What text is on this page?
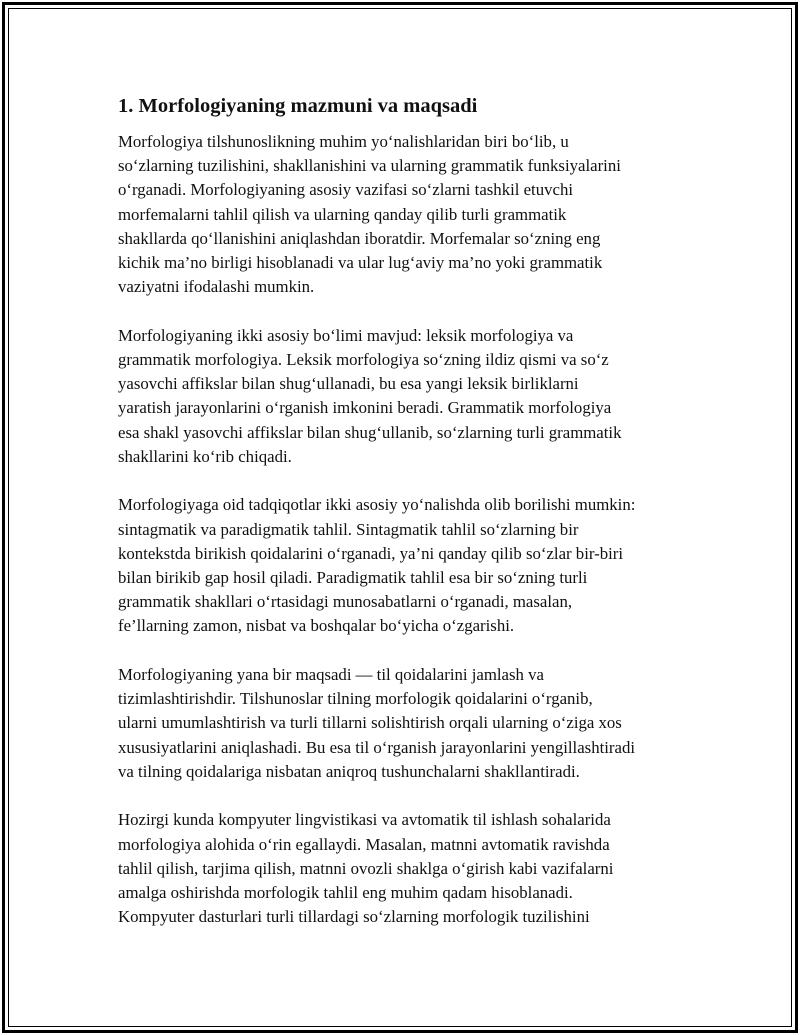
1. Morfologiyaning mazmuni va maqsadi

Morfologiya tilshunoslikning muhim yo‘nalishlaridan biri bo‘lib, u
so‘zlarning tuzilishini, shakllanishini va ularning grammatik funksiyalarini
o‘rganadi. Morfologiyaning asosiy vazifasi so‘zlarni tashkil etuvchi
morfemalarni tahlil qilish va ularning qanday qilib turli grammatik
shakllarda qo‘llanishini aniqlashdan iboratdir. Morfemalar so‘zning eng
kichik ma’no birligi hisoblanadi va ular lug‘aviy ma’no yoki grammatik
vaziyatni ifodalashi mumkin.

Morfologiyaning ikki asosiy bo‘limi mavjud: leksik morfologiya va
grammatik morfologiya. Leksik morfologiya so‘zning ildiz qismi va so‘z
yasovchi affikslar bilan shug‘ullanadi, bu esa yangi leksik birliklarni
yaratish jarayonlarini o‘rganish imkonini beradi. Grammatik morfologiya
esa shakl yasovchi affikslar bilan shug‘ullanib, so‘zlarning turli grammatik
shakllarini ko‘rib chiqadi.

Morfologiyaga oid tadqiqotlar ikki asosiy yo‘nalishda olib borilishi mumkin:
sintagmatik va paradigmatik tahlil. Sintagmatik tahlil so‘zlarning bir
kontekstda birikish qoidalarini o‘rganadi, ya’ni qanday qilib so‘zlar bir-biri
bilan birikib gap hosil qiladi. Paradigmatik tahlil esa bir so‘zning turli
grammatik shakllari o‘rtasidagi munosabatlarni o‘rganadi, masalan,
fe’llarning zamon, nisbat va boshqalar bo‘yicha o‘zgarishi.

Morfologiyaning yana bir maqsadi — til qoidalarini jamlash va
tizimlashtirishdir. Tilshunoslar tilning morfologik qoidalarini o‘rganib,
ularni umumlashtirish va turli tillarni solishtirish orqali ularning o‘ziga xos
xususiyatlarini aniqlashadi. Bu esa til o‘rganish jarayonlarini yengillashtiradi
va tilning qoidalariga nisbatan aniqroq tushunchalarni shakllantiradi.

Hozirgi kunda kompyuter lingvistikasi va avtomatik til ishlash sohalarida
morfologiya alohida o‘rin egallaydi. Masalan, matnni avtomatik ravishda
tahlil qilish, tarjima qilish, matnni ovozli shaklga o‘girish kabi vazifalarni
amalga oshirishda morfologik tahlil eng muhim qadam hisoblanadi.
Kompyuter dasturlari turli tillardagi so‘zlarning morfologik tuzilishini
